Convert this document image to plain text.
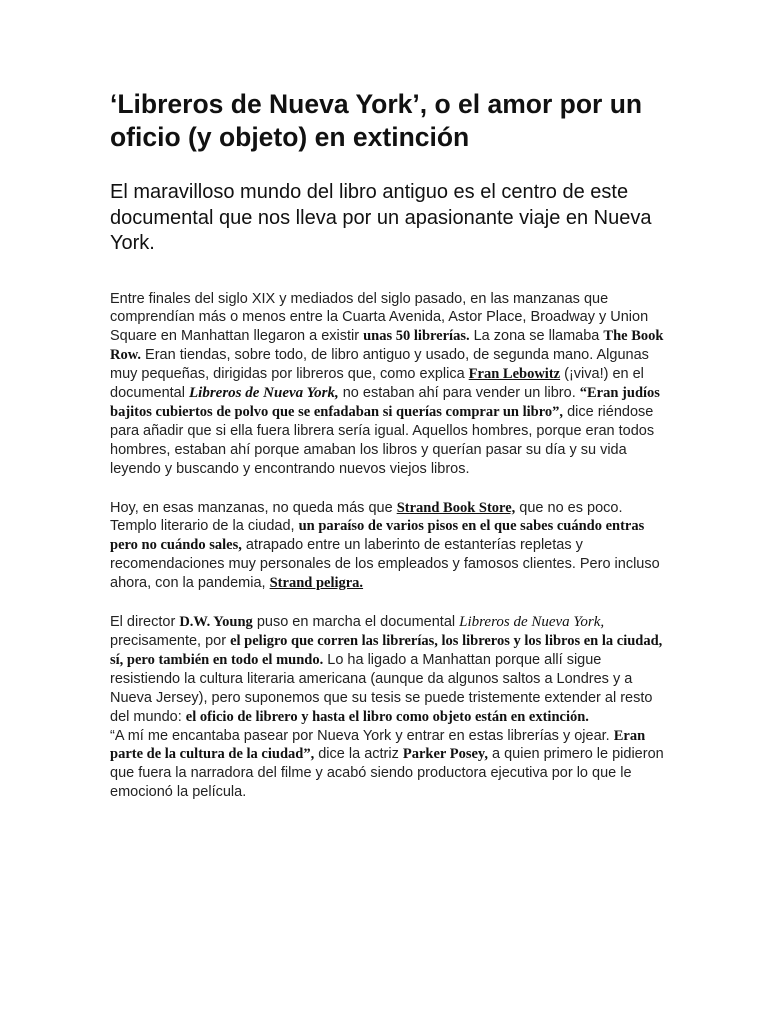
‘Libreros de Nueva York’, o el amor por un oficio (y objeto) en extinción
El maravilloso mundo del libro antiguo es el centro de este documental que nos lleva por un apasionante viaje en Nueva York.

Entre finales del siglo XIX y mediados del siglo pasado, en las manzanas que comprendían más o menos entre la Cuarta Avenida, Astor Place, Broadway y Union Square en Manhattan llegaron a existir unas 50 librerías. La zona se llamaba The Book Row. Eran tiendas, sobre todo, de libro antiguo y usado, de segunda mano. Algunas muy pequeñas, dirigidas por libreros que, como explica Fran Lebowitz (¡viva!) en el documental Libreros de Nueva York, no estaban ahí para vender un libro. “Eran judíos bajitos cubiertos de polvo que se enfadaban si querías comprar un libro”, dice riéndose para añadir que si ella fuera librera sería igual. Aquellos hombres, porque eran todos hombres, estaban ahí porque amaban los libros y querían pasar su día y su vida leyendo y buscando y encontrando nuevos viejos libros.

Hoy, en esas manzanas, no queda más que Strand Book Store, que no es poco. Templo literario de la ciudad, un paraíso de varios pisos en el que sabes cuándo entras pero no cuándo sales, atrapado entre un laberinto de estanterías repletas y recomendaciones muy personales de los empleados y famosos clientes. Pero incluso ahora, con la pandemia, Strand peligra.

El director D.W. Young puso en marcha el documental Libreros de Nueva York, precisamente, por el peligro que corren las librerías, los libreros y los libros en la ciudad, sí, pero también en todo el mundo. Lo ha ligado a Manhattan porque allí sigue resistiendo la cultura literaria americana (aunque da algunos saltos a Londres y a Nueva Jersey), pero suponemos que su tesis se puede tristemente extender al resto del mundo: el oficio de librero y hasta el libro como objeto están en extinción.

“A mí me encantaba pasear por Nueva York y entrar en estas librerías y ojear. Eran parte de la cultura de la ciudad”, dice la actriz Parker Posey, a quien primero le pidieron que fuera la narradora del filme y acabó siendo productora ejecutiva por lo que le emocionó la película.
